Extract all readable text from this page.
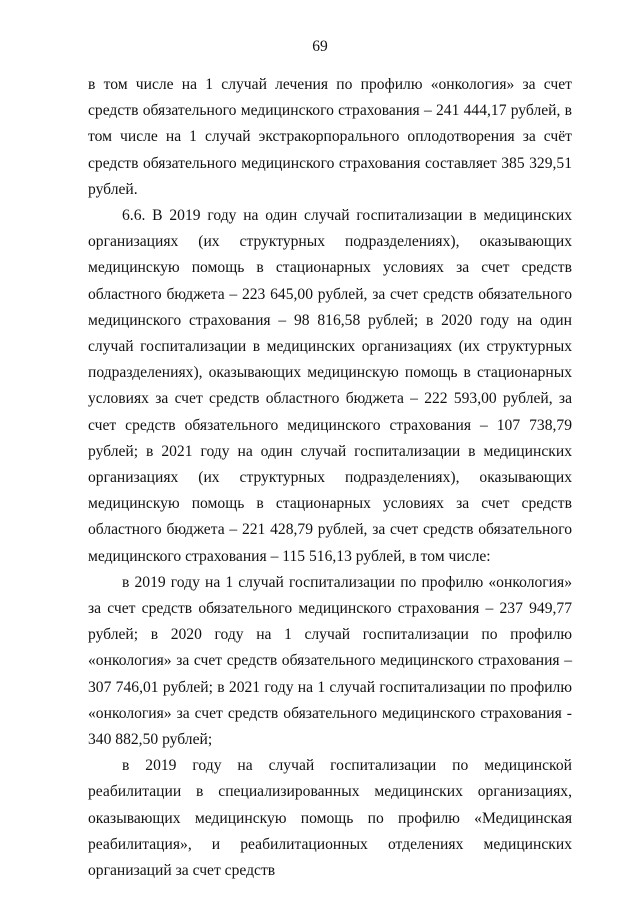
69

в том числе на 1 случай лечения по профилю «онкология» за счет средств обязательного медицинского страхования – 241 444,17 рублей, в том числе на 1 случай экстракорпорального оплодотворения за счёт средств обязательного медицинского страхования составляет 385 329,51 рублей.

6.6. В 2019 году на один случай госпитализации в медицинских организациях (их структурных подразделениях), оказывающих медицинскую помощь в стационарных условиях за счет средств областного бюджета – 223 645,00 рублей, за счет средств обязательного медицинского страхования – 98 816,58 рублей; в 2020 году на один случай госпитализации в медицинских организациях (их структурных подразделениях), оказывающих медицинскую помощь в стационарных условиях за счет средств областного бюджета – 222 593,00 рублей, за счет средств обязательного медицинского страхования – 107 738,79 рублей; в 2021 году на один случай госпитализации в медицинских организациях (их структурных подразделениях), оказывающих медицинскую помощь в стационарных условиях за счет средств областного бюджета – 221 428,79 рублей, за счет средств обязательного медицинского страхования – 115 516,13 рублей, в том числе:

в 2019 году на 1 случай госпитализации по профилю «онкология» за счет средств обязательного медицинского страхования – 237 949,77 рублей; в 2020 году на 1 случай госпитализации по профилю «онкология» за счет средств обязательного медицинского страхования – 307 746,01 рублей; в 2021 году на 1 случай госпитализации по профилю «онкология» за счет средств обязательного медицинского страхования - 340 882,50 рублей;

в 2019 году на случай госпитализации по медицинской реабилитации в специализированных медицинских организациях, оказывающих медицинскую помощь по профилю «Медицинская реабилитация», и реабилитационных отделениях медицинских организаций за счет средств
